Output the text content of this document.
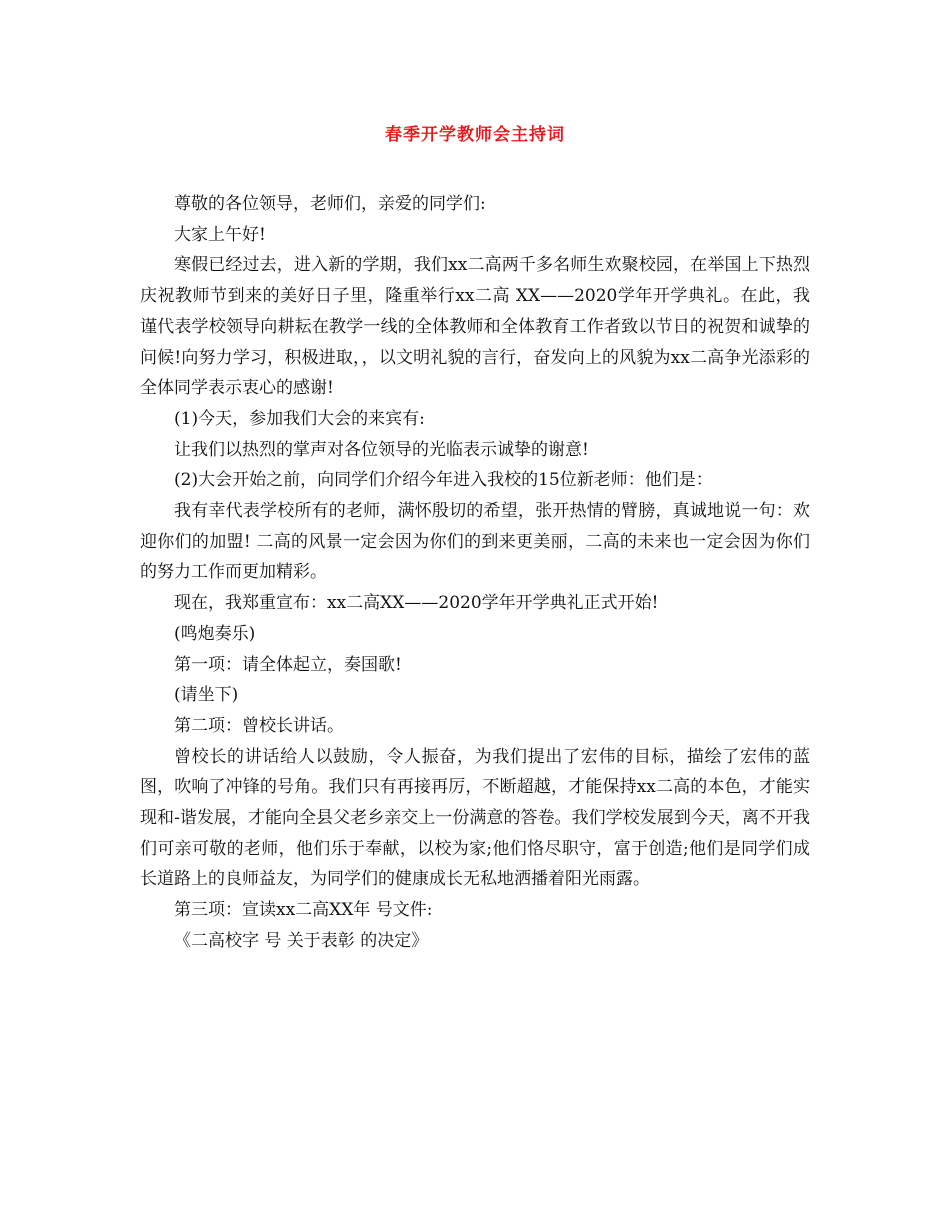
春季开学教师会主持词

尊敬的各位领导，老师们，亲爱的同学们:

大家上午好!

寒假已经过去，进入新的学期，我们xx二高两千多名师生欢聚校园，在举国上下热烈庆祝教师节到来的美好日子里，隆重举行xx二高 XX——2020学年开学典礼。在此，我谨代表学校领导向耕耘在教学一线的全体教师和全体教育工作者致以节日的祝贺和诚挚的问候!向努力学习，积极进取，，以文明礼貌的言行，奋发向上的风貌为xx二高争光添彩的全体同学表示衷心的感谢!

(1)今天，参加我们大会的来宾有:

让我们以热烈的掌声对各位领导的光临表示诚挚的谢意!

(2)大会开始之前，向同学们介绍今年进入我校的15位新老师：他们是：

我有幸代表学校所有的老师，满怀殷切的希望，张开热情的臂膀，真诚地说一句：欢迎你们的加盟! 二高的风景一定会因为你们的到来更美丽，二高的未来也一定会因为你们的努力工作而更加精彩。

现在，我郑重宣布：xx二高XX——2020学年开学典礼正式开始!

(鸣炮奏乐)

第一项：请全体起立，奏国歌!

(请坐下)

第二项：曾校长讲话。

曾校长的讲话给人以鼓励，令人振奋，为我们提出了宏伟的目标，描绘了宏伟的蓝图，吹响了冲锋的号角。我们只有再接再厉，不断超越，才能保持xx二高的本色，才能实现和-谐发展，才能向全县父老乡亲交上一份满意的答卷。我们学校发展到今天，离不开我们可亲可敬的老师，他们乐于奉献，以校为家;他们恪尽职守，富于创造;他们是同学们成长道路上的良师益友，为同学们的健康成长无私地洒播着阳光雨露。

第三项：宣读xx二高XX年 号文件:

《二高校字 号 关于表彰 的决定》
